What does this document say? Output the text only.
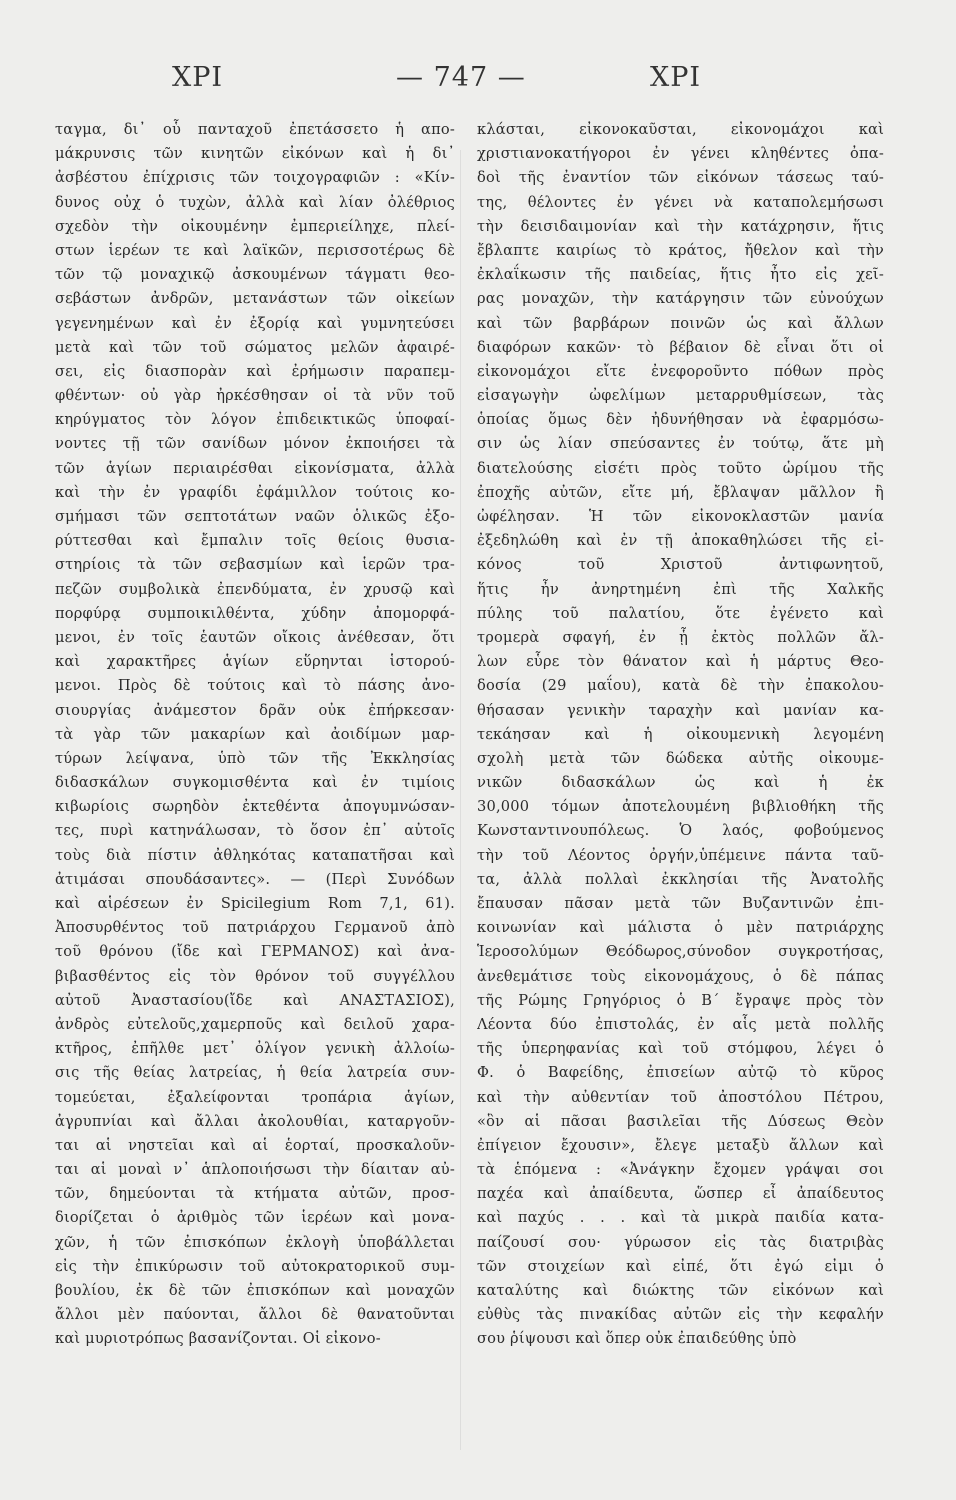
XPI	— 747 —	XPI
ταγμα, δι᾽ οὗ πανταχοῦ ἐπετάσσετο ἡ απο-
μάκρυνσις τῶν κινητῶν εἰκόνων καὶ ἡ δι᾽
ἀσβέστου ἐπίχρισις τῶν τοιχογραφιῶν : «Κίν-
δυνος οὐχ ὁ τυχὼν, ἀλλὰ καὶ λίαν ὀλέθριος
σχεδὸν τὴν οἰκουμένην ἐμπεριείληχε, πλεί-
στων ἱερέων τε καὶ λαϊκῶν, περισσοτέρως δὲ
τῶν τῷ μοναχικῷ ἀσκουμένων τάγματι θεο-
σεβάστων ἀνδρῶν, μετανάστων τῶν οἰκείων
γεγενημένων καὶ ἐν ἐξορίᾳ καὶ γυμνητεύσει
μετὰ καὶ τῶν τοῦ σώματος μελῶν ἀφαιρέ-
σει, εἰς διασπορὰν καὶ ἐρήμωσιν παραπεμ-
φθέντων· οὐ γὰρ ἠρκέσθησαν οἱ τὰ νῦν τοῦ
κηρύγματος τὸν λόγον ἐπιδεικτικῶς ὑποφαί-
νοντες τῇ τῶν σανίδων μόνον ἐκποιήσει τὰ
τῶν ἁγίων περιαιρέσθαι εἰκονίσματα, ἀλλὰ
καὶ τὴν ἐν γραφίδι ἐφάμιλλον τούτοις κο-
σμήμασι τῶν σεπτοτάτων ναῶν ὁλικῶς ἐξο-
ρύττεσθαι καὶ ἔμπαλιν τοῖς θείοις θυσια-
στηρίοις τὰ τῶν σεβασμίων καὶ ἱερῶν τρα-
πεζῶν συμβολικὰ ἐπενδύματα, ἐν χρυσῷ καὶ
πορφύρᾳ συμποικιλθέντα, χύδην ἀπομορφά-
μενοι, ἐν τοῖς ἑαυτῶν οἴκοις ἀνέθεσαν, ὅτι
καὶ χαρακτῆρες ἁγίων εὕρηνται ἱστορού-
μενοι. Πρὸς δὲ τούτοις καὶ τὸ πάσης ἀνο-
σιουργίας ἀνάμεστον δρᾶν οὐκ ἐπήρκεσαν·
τὰ γὰρ τῶν μακαρίων καὶ ἀοιδίμων μαρ-
τύρων λείψανα, ὑπὸ τῶν τῆς Ἐκκλησίας
διδασκάλων συγκομισθέντα καὶ ἐν τιμίοις
κιβωρίοις σωρηδὸν ἐκτεθέντα ἀπογυμνώσαν-
τες, πυρὶ κατηνάλωσαν, τὸ ὅσον ἐπ᾽ αὐτοῖς
τοὺς διὰ πίστιν ἀθληκότας καταπατῆσαι καὶ
ἀτιμάσαι σπουδάσαντες». — (Περὶ Συνόδων
καὶ αἱρέσεων ἐν Spicilegium Rom 7,1, 61).
Ἀποσυρθέντος τοῦ πατριάρχου Γερμανοῦ ἀπὸ
τοῦ θρόνου (ἴδε καὶ ΓΕΡΜΑΝΟΣ) καὶ ἀνα-
βιβασθέντος εἰς τὸν θρόνον τοῦ συγγέλλου
αὐτοῦ Ἀναστασίου(ἴδε καὶ ΑΝΑΣΤΑΣΙΟΣ),
ἀνδρὸς εὐτελοῦς,χαμερποῦς καὶ δειλοῦ χαρα-
κτῆρος, ἐπῆλθε μετ᾽ ὀλίγον γενικὴ ἀλλοίω-
σις τῆς θείας λατρείας, ἡ θεία λατρεία συν-
τομεύεται, ἐξαλείφονται τροπάρια ἁγίων,
ἀγρυπνίαι καὶ ἄλλαι ἀκολουθίαι, καταργοῦν-
ται αἱ νηστεῖαι καὶ αἱ ἑορταί, προσκαλοῦν-
ται αἱ μοναὶ ν᾽ ἁπλοποιήσωσι τὴν δίαιταν αὐ-
τῶν, δημεύονται τὰ κτήματα αὐτῶν, προσ-
διορίζεται ὁ ἀριθμὸς τῶν ἱερέων καὶ μονα-
χῶν, ἡ τῶν ἐπισκόπων ἐκλογὴ ὑποβάλλεται
εἰς τὴν ἐπικύρωσιν τοῦ αὐτοκρατορικοῦ συμ-
βουλίου, ἐκ δὲ τῶν ἐπισκόπων καὶ μοναχῶν
ἄλλοι μὲν παύονται, ἄλλοι δὲ θανατοῦνται
καὶ μυριοτρόπως βασανίζονται. Οἱ εἰκονο-
κλάσται, εἰκονοκαῦσται, εἰκονομάχοι καὶ
χριστιανοκατήγοροι ἐν γένει κληθέντες ὀπα-
δοὶ τῆς ἐναντίον τῶν εἰκόνων τάσεως ταύ-
της, θέλοντες ἐν γένει νὰ καταπολεμήσωσι
τὴν δεισιδαιμονίαν καὶ τὴν κατάχρησιν, ἥτις
ἔβλαπτε καιρίως τὸ κράτος, ἤθελον καὶ τὴν
ἐκλαΐκωσιν τῆς παιδείας, ἥτις ἦτο εἰς χεῖ-
ρας μοναχῶν, τὴν κατάργησιν τῶν εὐνούχων
καὶ τῶν βαρβάρων ποινῶν ὡς καὶ ἄλλων
διαφόρων κακῶν· τὸ βέβαιον δὲ εἶναι ὅτι οἱ
εἰκονομάχοι εἴτε ἐνεφοροῦντο πόθων πρὸς
εἰσαγωγὴν ὠφελίμων μεταρρυθμίσεων, τὰς
ὁποίας ὅμως δὲν ἠδυνήθησαν νὰ ἐφαρμόσω-
σιν ὡς λίαν σπεύσαντες ἐν τούτῳ, ἅτε μὴ
διατελούσης εἰσέτι πρὸς τοῦτο ὡρίμου τῆς
ἐποχῆς αὐτῶν, εἴτε μή, ἔβλαψαν μᾶλλον ἢ
ὠφέλησαν. Ἡ τῶν εἰκονοκλαστῶν μανία
ἐξεδηλώθη καὶ ἐν τῇ ἀποκαθηλώσει τῆς εἰ-
κόνος τοῦ Χριστοῦ ἀντιφωνητοῦ,
ἥτις ἦν ἀνηρτημένη ἐπὶ τῆς Χαλκῆς
πύλης τοῦ παλατίου, ὅτε ἐγένετο καὶ
τρομερὰ σφαγή, ἐν ᾗ ἐκτὸς πολλῶν ἄλ-
λων εὗρε τὸν θάνατον καὶ ἡ μάρτυς Θεο-
δοσία (29 μαΐου), κατὰ δὲ τὴν ἐπακολου-
θήσασαν γενικὴν ταραχὴν καὶ μανίαν κα-
τεκάησαν καὶ ἡ οἰκουμενικὴ λεγομένη
σχολὴ μετὰ τῶν δώδεκα αὐτῆς οἰκουμε-
νικῶν διδασκάλων ὡς καὶ ἡ ἐκ
30,000 τόμων ἀποτελουμένη βιβλιοθήκη τῆς
Κωνσταντινουπόλεως. Ὁ λαός, φοβούμενος
τὴν τοῦ Λέοντος ὀργήν,ὑπέμεινε πάντα ταῦ-
τα, ἀλλὰ πολλαὶ ἐκκλησίαι τῆς Ἀνατολῆς
ἔπαυσαν πᾶσαν μετὰ τῶν Βυζαντινῶν ἐπι-
κοινωνίαν καὶ μάλιστα ὁ μὲν πατριάρχης
Ἱεροσολύμων Θεόδωρος,σύνοδον συγκροτήσας,
ἀνεθεμάτισε τοὺς εἰκονομάχους, ὁ δὲ πάπας
τῆς Ρώμης Γρηγόριος ὁ Β´ ἔγραψε πρὸς τὸν
Λέοντα δύο ἐπιστολάς, ἐν αἷς μετὰ πολλῆς
τῆς ὑπερηφανίας καὶ τοῦ στόμφου, λέγει ὁ
Φ. ὁ Βαφείδης, ἐπισείων αὐτῷ τὸ κῦρος
καὶ τὴν αὐθεντίαν τοῦ ἀποστόλου Πέτρου,
«ὃν αἱ πᾶσαι βασιλεῖαι τῆς Δύσεως Θεὸν
ἐπίγειον ἔχουσιν», ἔλεγε μεταξὺ ἄλλων καὶ
τὰ ἑπόμενα : «Ἀνάγκην ἔχομεν γράψαι σοι
παχέα καὶ ἀπαίδευτα, ὥσπερ εἶ ἀπαίδευτος
καὶ παχύς . . . καὶ τὰ μικρὰ παιδία κατα-
παίζουσί σου· γύρωσον εἰς τὰς διατριβὰς
τῶν στοιχείων καὶ εἰπέ, ὅτι ἐγώ εἰμι ὁ
καταλύτης καὶ διώκτης τῶν εἰκόνων καὶ
εὐθὺς τὰς πινακίδας αὐτῶν εἰς τὴν κεφαλήν
σου ῥίψουσι καὶ ὅπερ οὐκ ἐπαιδεύθης ὑπὸ
